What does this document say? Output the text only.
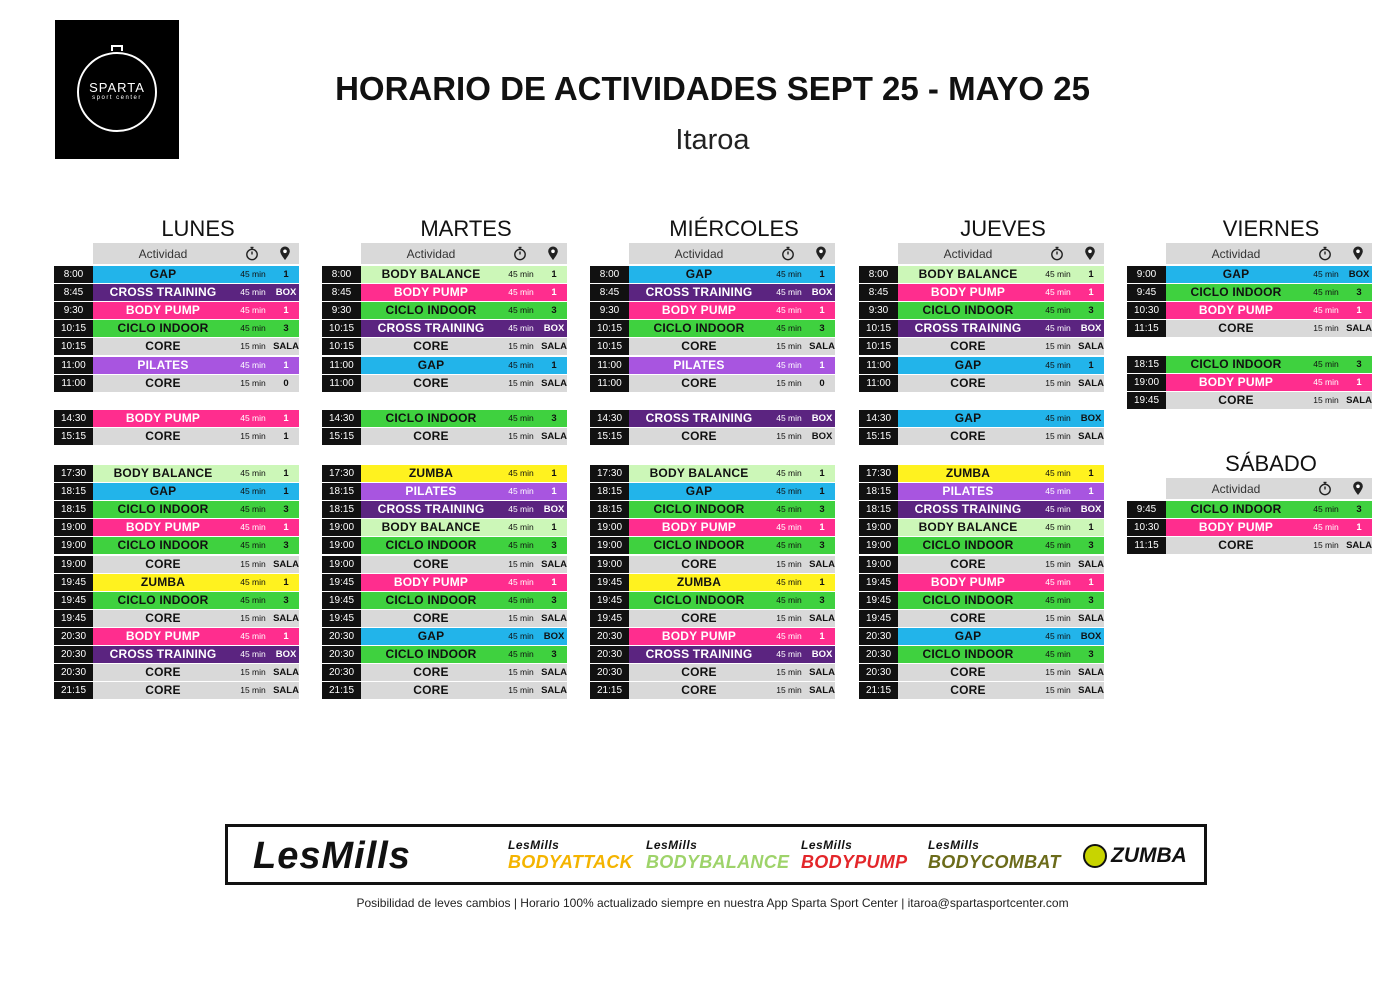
SPARTA
sport center	HORARIO DE ACTIVIDADES SEPT 25 - MAYO 25
Itaroa
LUNES
Actividad
8:00	GAP	45 min	1
8:45	CROSS TRAINING	45 min	BOX
9:30	BODY PUMP	45 min	1
10:15	CICLO INDOOR	45 min	3
10:15	CORE	15 min SALA
11:00	PILATES	45 min	1
11:00	CORE	15 min	0
14:30	BODY PUMP	45 min	1
15:15	CORE	15 min	1
17:30	BODY BALANCE	45 min	1
18:15	GAP	45 min	1
18:15	CICLO INDOOR	45 min	3
19:00	BODY PUMP	45 min	1
19:00	CICLO INDOOR	45 min	3
19:00	CORE	15 min SALA
19:45	ZUMBA	45 min	1
19:45	CICLO INDOOR	45 min	3
19:45	CORE	15 min SALA
20:30	BODY PUMP	45 min	1
20:30	CROSS TRAINING	45 min	BOX
20:30	CORE	15 min SALA
21:15	CORE	15 min SALA
MARTES
Actividad
8:00	BODY BALANCE	45 min	1
8:45	BODY PUMP	45 min	1
9:30	CICLO INDOOR	45 min	3
10:15	CROSS TRAINING	45 min	BOX
10:15	CORE	15 min SALA
11:00	GAP	45 min	1
11:00	CORE	15 min SALA
14:30	CICLO INDOOR	45 min	3
15:15	CORE	15 min SALA
17:30	ZUMBA	45 min	1
18:15	PILATES	45 min	1
18:15	CROSS TRAINING	45 min	BOX
19:00	BODY BALANCE	45 min	1
19:00	CICLO INDOOR	45 min	3
19:00	CORE	15 min SALA
19:45	BODY PUMP	45 min	1
19:45	CICLO INDOOR	45 min	3
19:45	CORE	15 min SALA
20:30	GAP	45 min	BOX
20:30	CICLO INDOOR	45 min	3
20:30	CORE	15 min SALA
21:15	CORE	15 min SALA
MIÉRCOLES
Actividad
8:00	GAP	45 min	1
8:45	CROSS TRAINING	45 min	BOX
9:30	BODY PUMP	45 min	1
10:15	CICLO INDOOR	45 min	3
10:15	CORE	15 min SALA
11:00	PILATES	45 min	1
11:00	CORE	15 min	0
14:30	CROSS TRAINING	45 min	BOX
15:15	CORE	15 min	BOX
17:30	BODY BALANCE	45 min	1
18:15	GAP	45 min	1
18:15	CICLO INDOOR	45 min	3
19:00	BODY PUMP	45 min	1
19:00	CICLO INDOOR	45 min	3
19:00	CORE	15 min SALA
19:45	ZUMBA	45 min	1
19:45	CICLO INDOOR	45 min	3
19:45	CORE	15 min SALA
20:30	BODY PUMP	45 min	1
20:30	CROSS TRAINING	45 min	BOX
20:30	CORE	15 min SALA
21:15	CORE	15 min SALA
JUEVES
Actividad
8:00	BODY BALANCE	45 min	1
8:45	BODY PUMP	45 min	1
9:30	CICLO INDOOR	45 min	3
10:15	CROSS TRAINING	45 min	BOX
10:15	CORE	15 min SALA
11:00	GAP	45 min	1
11:00	CORE	15 min SALA
14:30	GAP	45 min	BOX
15:15	CORE	15 min SALA
17:30	ZUMBA	45 min	1
18:15	PILATES	45 min	1
18:15	CROSS TRAINING	45 min	BOX
19:00	BODY BALANCE	45 min	1
19:00	CICLO INDOOR	45 min	3
19:00	CORE	15 min SALA
19:45	BODY PUMP	45 min	1
19:45	CICLO INDOOR	45 min	3
19:45	CORE	15 min SALA
20:30	GAP	45 min	BOX
20:30	CICLO INDOOR	45 min	3
20:30	CORE	15 min SALA
21:15	CORE	15 min SALA
VIERNES
Actividad
9:00	GAP	45 min	BOX
9:45	CICLO INDOOR	45 min	3
10:30	BODY PUMP	45 min	1
11:15	CORE	15 min SALA
18:15	CICLO INDOOR	45 min	3
19:00	BODY PUMP	45 min	1
19:45	CORE	15 min SALA
SÁBADO
Actividad
9:45	CICLO INDOOR	45 min	3
10:30	BODY PUMP	45 min	1
11:15	CORE	15 min SALA
LesMills	LesMills
BODYATTACK
LesMills
BODYBALANCE
LesMills
BODYPUMP
LesMills
BODYCOMBAT	ZUMBA
Posibilidad de leves cambios | Horario 100% actualizado siempre en nuestra App Sparta Sport Center | itaroa@spartasportcenter.com
